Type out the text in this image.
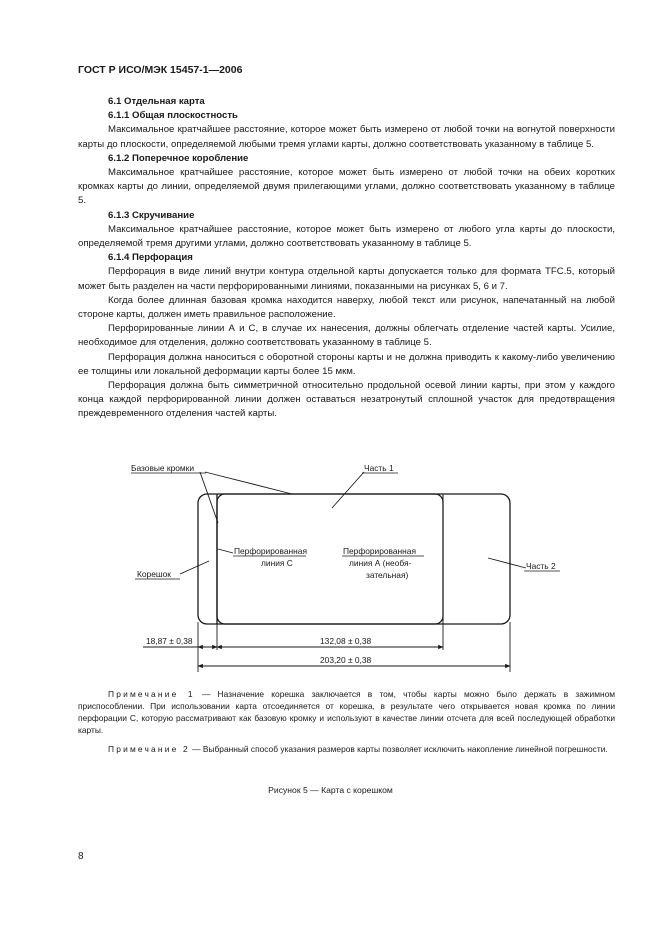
ГОСТ Р ИСО/МЭК 15457-1—2006
6.1 Отдельная карта
6.1.1 Общая плоскостность

Максимальное кратчайшее расстояние, которое может быть измерено от любой точки на вогнутой поверхности карты до плоскости, определяемой любыми тремя углами карты, должно соответствовать указанному в таблице 5.

6.1.2 Поперечное коробление

Максимальное кратчайшее расстояние, которое может быть измерено от любой точки на обеих коротких кромках карты до линии, определяемой двумя прилегающими углами, должно соответствовать указанному в таблице 5.

6.1.3 Скручивание

Максимальное кратчайшее расстояние, которое может быть измерено от любого угла карты до плоскости, определяемой тремя другими углами, должно соответствовать указанному в таблице 5.

6.1.4 Перфорация

Перфорация в виде линий внутри контура отдельной карты допускается только для формата TFC.5, который может быть разделен на части перфорированными линиями, показанными на рисунках 5, 6 и 7.

Когда более длинная базовая кромка находится наверху, любой текст или рисунок, напечатанный на любой стороне карты, должен иметь правильное расположение.

Перфорированные линии А и С, в случае их нанесения, должны облегчать отделение частей карты. Усилие, необходимое для отделения, должно соответствовать указанному в таблице 5.

Перфорация должна наноситься с оборотной стороны карты и не должна приводить к какому-либо увеличению ее толщины или локальной деформации карты более 15 мкм.

Перфорация должна быть симметричной относительно продольной осевой линии карты, при этом у каждого конца каждой перфорированной линии должен оставаться незатронутый сплошной участок для предотвращения преждевременного отделения частей карты.

Базовые кромки	Часть 1
Часть 2
Корешок
Перфорированная
линия С
Перфорированная
линия А (необя-
зательная)
18,87 ± 0,38	132,08 ± 0,38
203,20 ± 0,38

Примечание 1 — Назначение корешка заключается в том, чтобы карты можно было держать в зажимном приспособлении. При использовании карта отсоединяется от корешка, в результате чего открывается новая кромка по линии перфорации С, которую рассматривают как базовую кромку и используют в качестве линии отсчета для всей последующей обработки карты.

Примечание 2 — Выбранный способ указания размеров карты позволяет исключить накопление линейной погрешности.

Рисунок 5 — Карта с корешком
8
